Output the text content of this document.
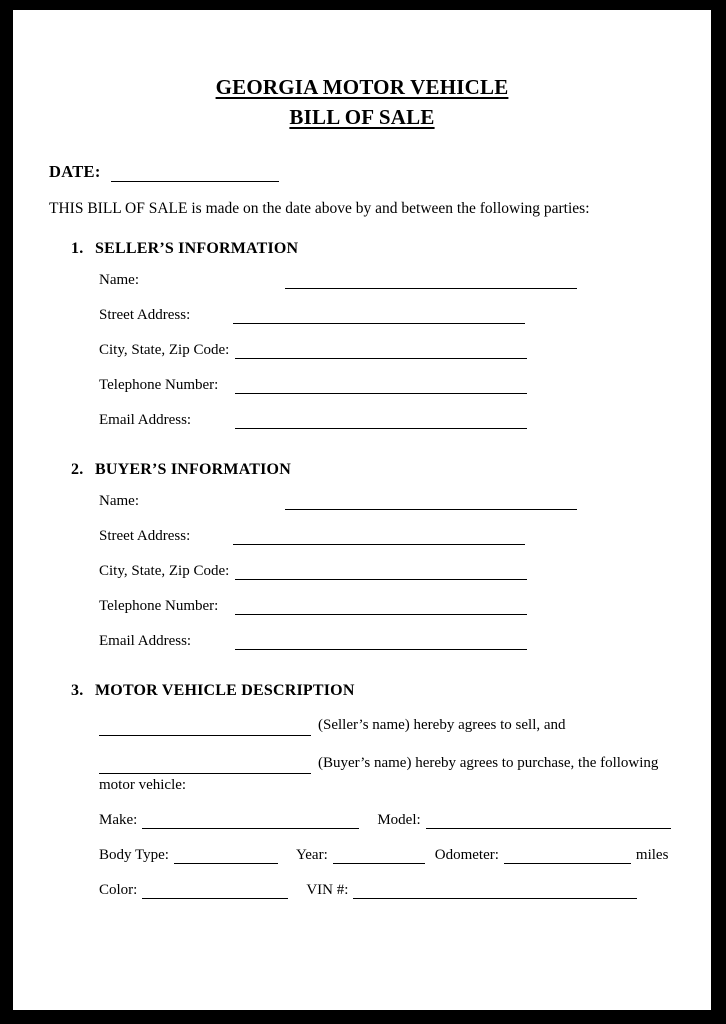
GEORGIA MOTOR VEHICLE
BILL OF SALE
DATE:
THIS BILL OF SALE is made on the date above by and between the following parties:
1. SELLER’S INFORMATION
Name:
Street Address:
City, State, Zip Code:
Telephone Number:
Email Address:
2. BUYER’S INFORMATION
Name:
Street Address:
City, State, Zip Code:
Telephone Number:
Email Address:
3. MOTOR VEHICLE DESCRIPTION
(Seller’s name) hereby agrees to sell, and
(Buyer’s name) hereby agrees to purchase, the following
motor vehicle:
Make:	Model:
Body Type:	Year:	Odometer:	miles
Color:	VIN #:
